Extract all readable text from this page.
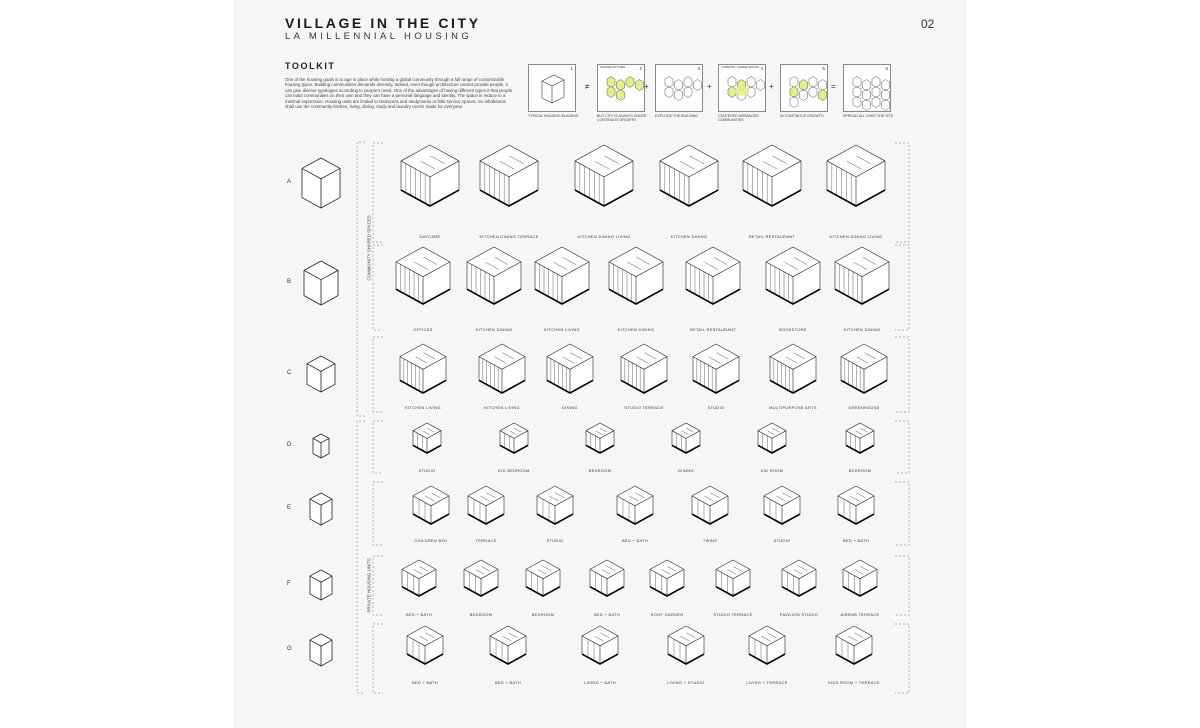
VILLAGE IN THE CITY
LA MILLENNIAL HOUSING
02
TOOLKIT
One of the housing goals is to age in place while hosting a global community through a full range of customizable housing types. Building communities demands diversity, indeed, even though architecture cannot provide people, it can give diverse typologies according to people's need. One of the advantages of having different types it that people can build communities on their own and they can have a personal language and identity. The space is reduce to a minimal expression. Housing units are limited to bedrooms and studyrooms or little service spaces. So inhabitants shall use the community kitchen, living, dining, study and laundry rooms made for everyone.
COMMUNITY SHARED SPACES
PRIVATE HOUSING UNITS
DAYCARE	KITCHEN DINING TERRACE	KITCHEN DINING LIVING	KITCHEN DINING	RETAIL RESTAURANT	KITCHEN DINING LIVING
OFFICES	KITCHEN DINING	KITCHEN LIVING	KITCHEN DINING	RETAIL RESTAURANT	BOOKSTORE	KITCHEN DINING
KITCHEN LIVING	KITCHEN LIVING	DINING	STUDIO TERRACE	STUDIO	MULTIPURPOSE ARTS	GREENHOUSE
STUDIO	KID BEDROOM	BEDROOM	DINING	KID ROOM	BEDROOM
CHILDREN BED	TERRACE	STUDIO	BED + BATH	TWINS	STUDIO	BED + BATH
BED + BATH	BEDROOM	BEDROOM	BED + BATH	ROOF GARDEN	STUDIO TERRACE	PAVILION STUDIO	AIRBNB TERRACE
BED + BATH	BED + BATH	LIVING + BATH	LIVING + STUDIO	LIVING + TERRACE	KIDS ROOM + TERRACE
1
TYPICAL HOUSING BUILDING
2
FLEXIBLE FUTURES
BUT CITY IS ALWAYS UNDER CONTINUOS GROWTH
3
EXPLODE THE BUILDING
4
COMMONS / SHARED SPACES
CENTERED ARRANGED COMMUNITIES
5
IN CONTINOUS GROWTH
6
SPREAD ALL OVER THE SITE
≠	+	+	+	=
A
B
C
D
E
F
G
